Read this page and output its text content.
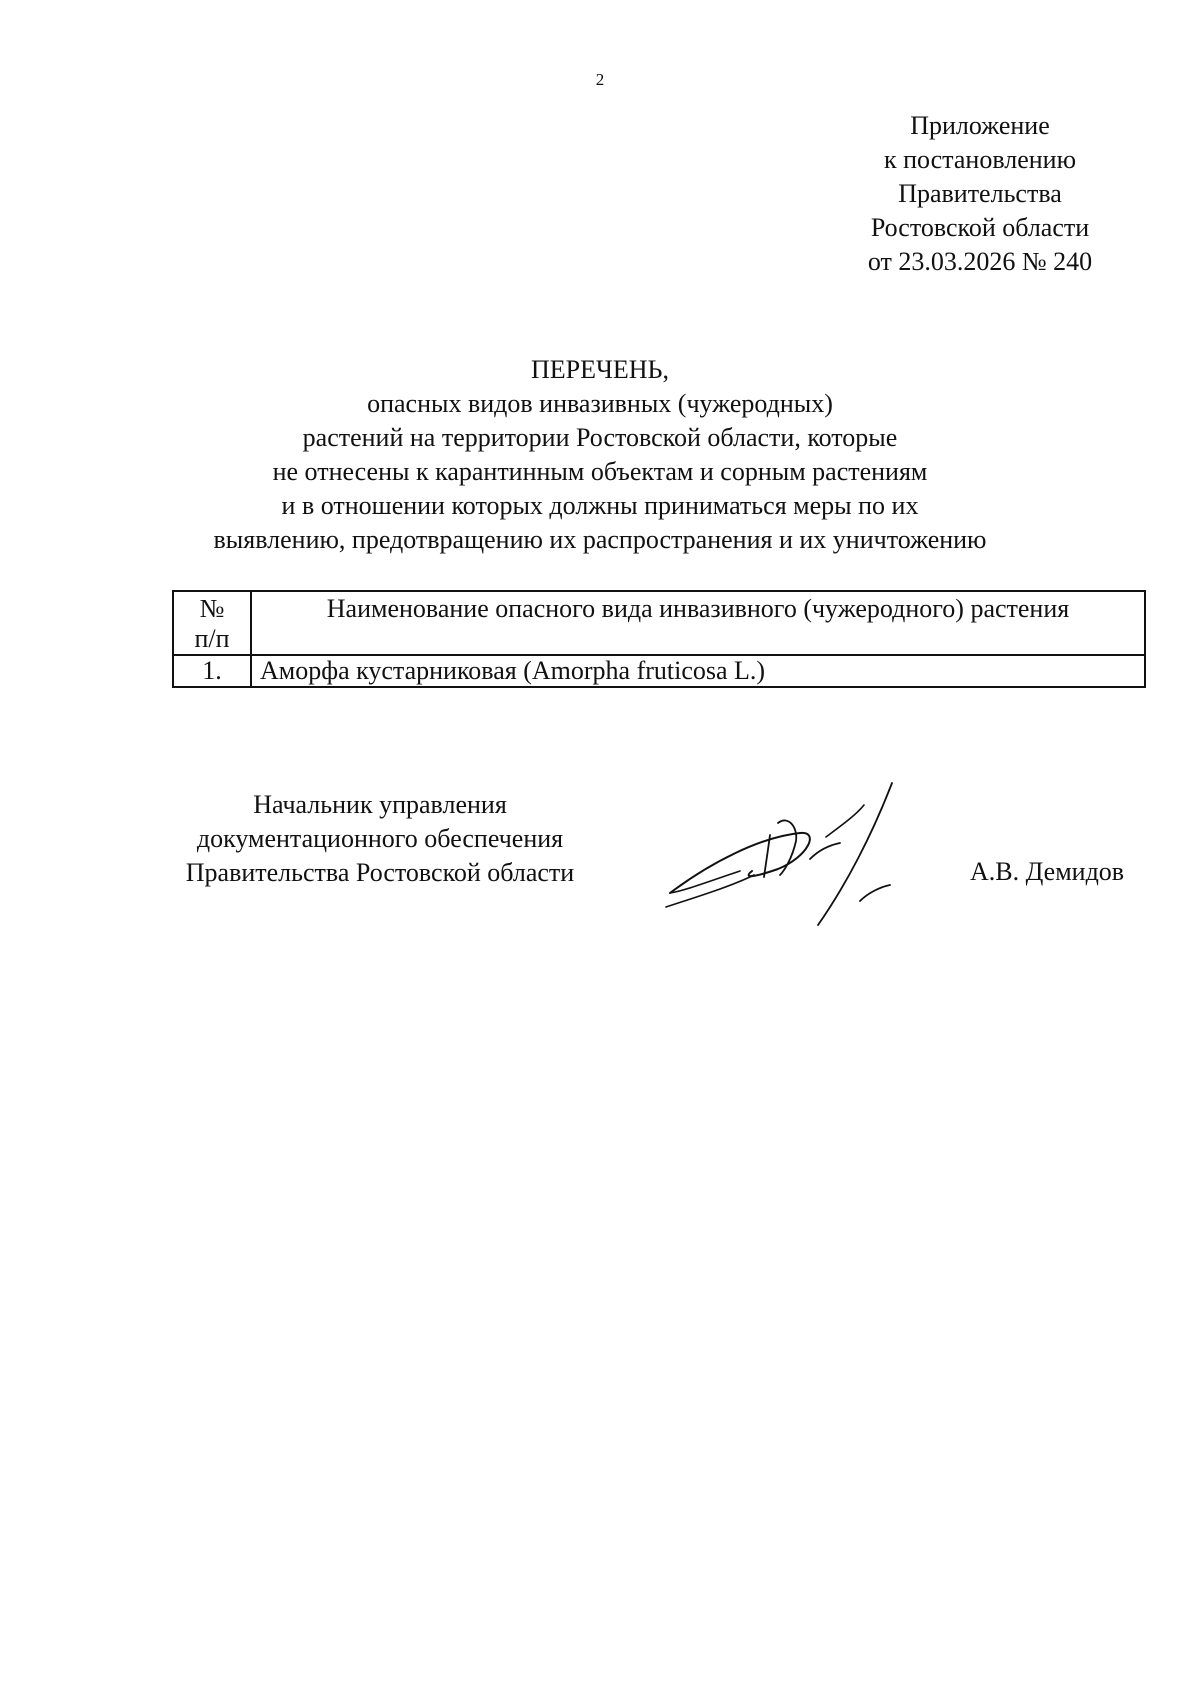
2
Приложение
к постановлению
Правительства
Ростовской области
от 23.03.2026 № 240
ПЕРЕЧЕНЬ,
опасных видов инвазивных (чужеродных)
растений на территории Ростовской области, которые
не отнесены к карантинным объектам и сорным растениям
и в отношении которых должны приниматься меры по их
выявлению, предотвращению их распространения и их уничтожению
№
п/п	Наименование опасного вида инвазивного (чужеродного) растения
1.	Аморфа кустарниковая (Amorpha fruticosa L.)
Начальник управления
документационного обеспечения
Правительства Ростовской области	А.В. Демидов
